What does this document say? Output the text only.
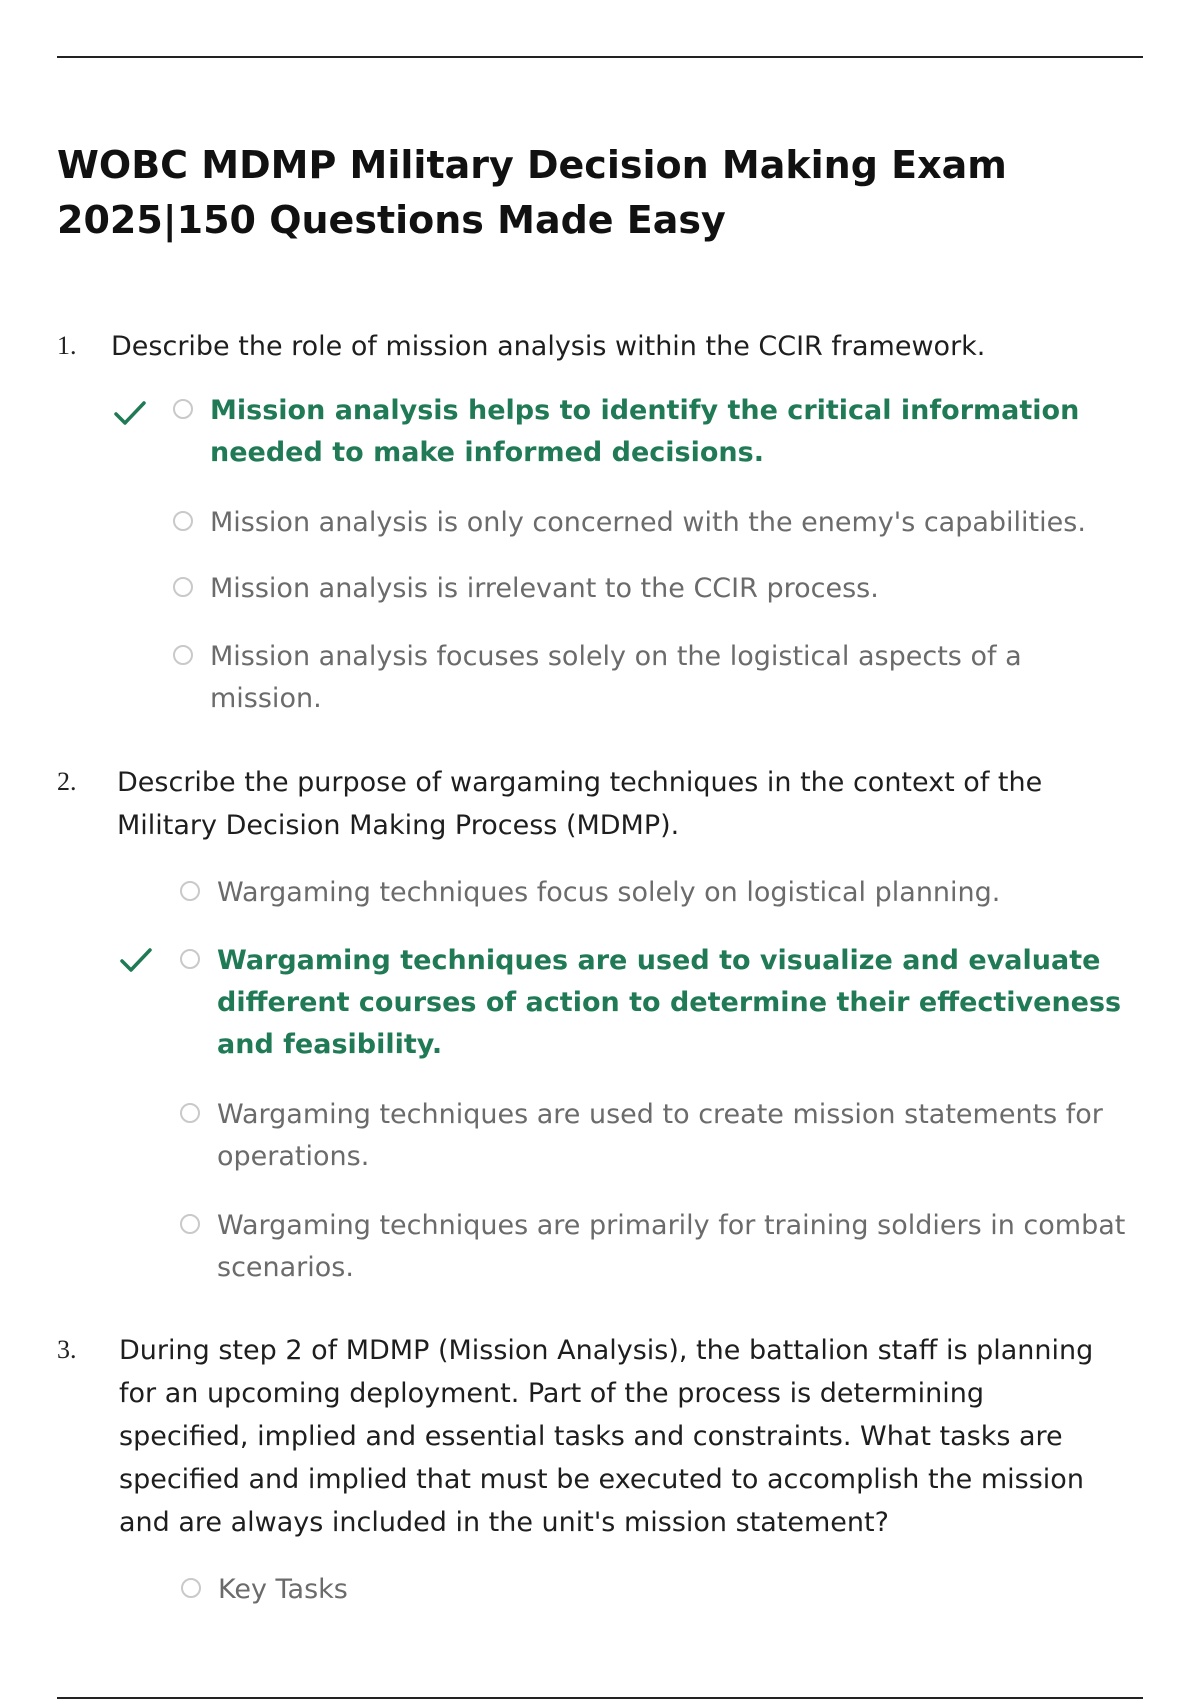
WOBC MDMP Military Decision Making Exam 2025|150 Questions Made Easy
1. Describe the role of mission analysis within the CCIR framework.
Mission analysis helps to identify the critical information needed to make informed decisions.
Mission analysis is only concerned with the enemy's capabilities.
Mission analysis is irrelevant to the CCIR process.
Mission analysis focuses solely on the logistical aspects of a mission.
2. Describe the purpose of wargaming techniques in the context of the Military Decision Making Process (MDMP).
Wargaming techniques focus solely on logistical planning.
Wargaming techniques are used to visualize and evaluate different courses of action to determine their effectiveness and feasibility.
Wargaming techniques are used to create mission statements for operations.
Wargaming techniques are primarily for training soldiers in combat scenarios.
3. During step 2 of MDMP (Mission Analysis), the battalion staff is planning for an upcoming deployment. Part of the process is determining specified, implied and essential tasks and constraints. What tasks are specified and implied that must be executed to accomplish the mission and are always included in the unit's mission statement?
Key Tasks
